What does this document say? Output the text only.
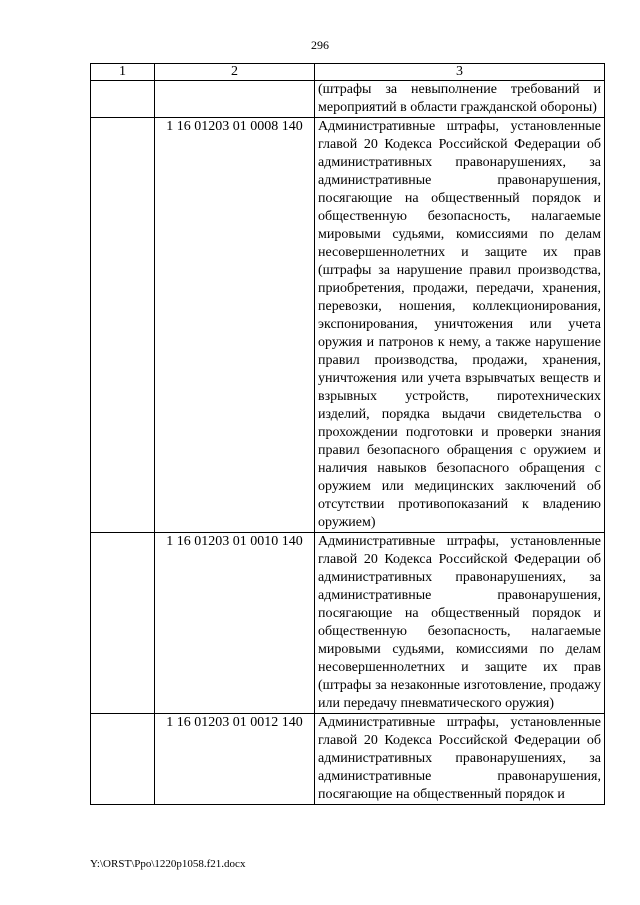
296
1	2	3
		(штрафы за невыполнение требований и мероприятий в области гражданской обороны)
	1 16 01203 01 0008 140	Административные штрафы, установленные главой 20 Кодекса Российской Федерации об административных правонарушениях, за административные правонарушения, посягающие на общественный порядок и общественную безопасность, налагаемые мировыми судьями, комиссиями по делам несовершеннолетних и защите их прав (штрафы за нарушение правил производства, приобретения, продажи, передачи, хранения, перевозки, ношения, коллекционирования, экспонирования, уничтожения или учета оружия и патронов к нему, а также нарушение правил производства, продажи, хранения, уничтожения или учета взрывчатых веществ и взрывных устройств, пиротехнических изделий, порядка выдачи свидетельства о прохождении подготовки и проверки знания правил безопасного обращения с оружием и наличия навыков безопасного обращения с оружием или медицинских заключений об отсутствии противопоказаний к владению оружием)
	1 16 01203 01 0010 140	Административные штрафы, установленные главой 20 Кодекса Российской Федерации об административных правонарушениях, за административные правонарушения, посягающие на общественный порядок и общественную безопасность, налагаемые мировыми судьями, комиссиями по делам несовершеннолетних и защите их прав (штрафы за незаконные изготовление, продажу или передачу пневматического оружия)
	1 16 01203 01 0012 140	Административные штрафы, установленные главой 20 Кодекса Российской Федерации об административных правонарушениях, за административные правонарушения, посягающие на общественный порядок и
Y:\ORST\Ppo\1220p1058.f21.docx
